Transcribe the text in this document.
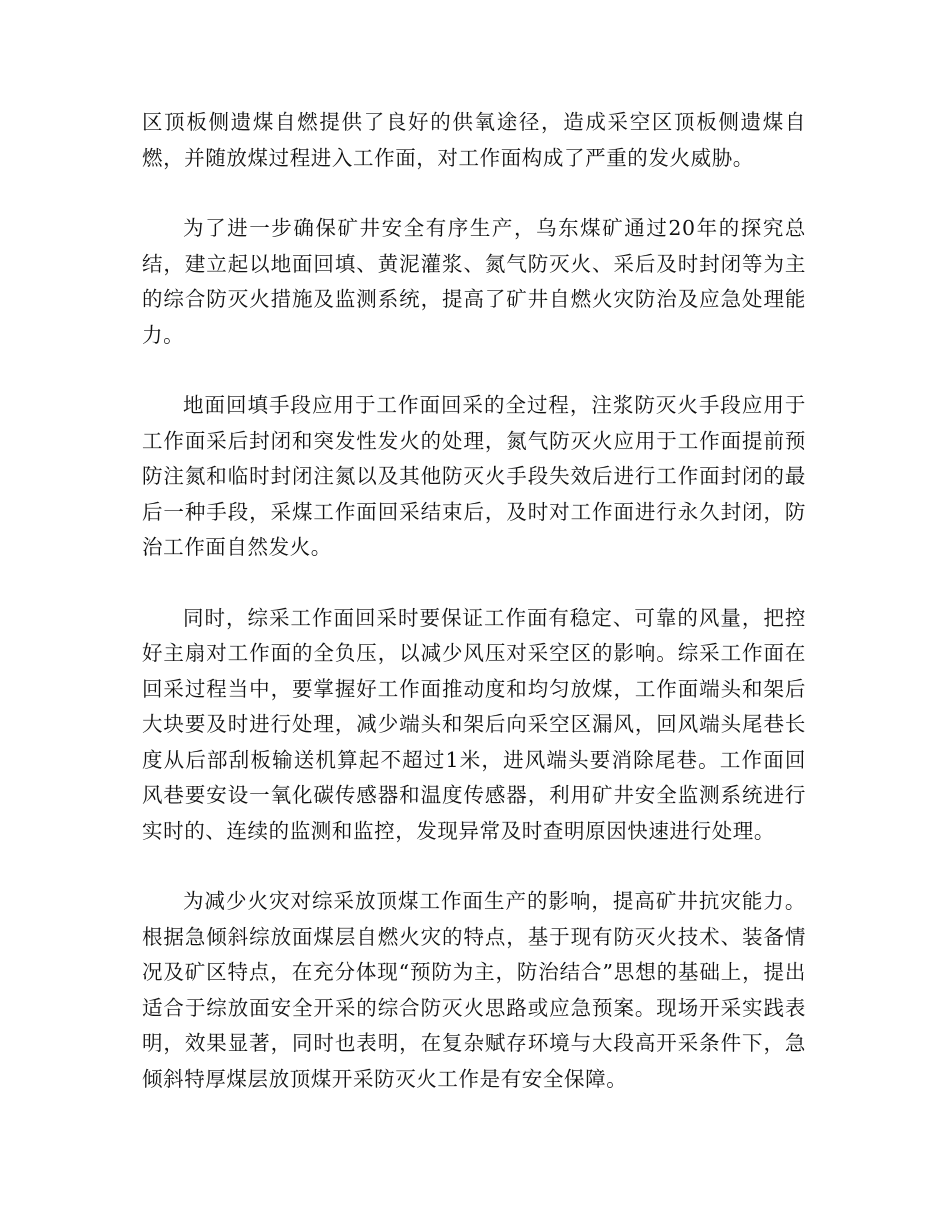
区顶板侧遗煤自燃提供了良好的供氧途径，造成采空区顶板侧遗煤自燃，并随放煤过程进入工作面，对工作面构成了严重的发火威胁。

为了进一步确保矿井安全有序生产，乌东煤矿通过20年的探究总结，建立起以地面回填、黄泥灌浆、氮气防灭火、采后及时封闭等为主的综合防灭火措施及监测系统，提高了矿井自燃火灾防治及应急处理能力。

地面回填手段应用于工作面回采的全过程，注浆防灭火手段应用于工作面采后封闭和突发性发火的处理，氮气防灭火应用于工作面提前预防注氮和临时封闭注氮以及其他防灭火手段失效后进行工作面封闭的最后一种手段，采煤工作面回采结束后，及时对工作面进行永久封闭，防治工作面自然发火。

同时，综采工作面回采时要保证工作面有稳定、可靠的风量，把控好主扇对工作面的全负压，以减少风压对采空区的影响。综采工作面在回采过程当中，要掌握好工作面推动度和均匀放煤，工作面端头和架后大块要及时进行处理，减少端头和架后向采空区漏风，回风端头尾巷长度从后部刮板输送机算起不超过1米，进风端头要消除尾巷。工作面回风巷要安设一氧化碳传感器和温度传感器，利用矿井安全监测系统进行实时的、连续的监测和监控，发现异常及时查明原因快速进行处理。

为减少火灾对综采放顶煤工作面生产的影响，提高矿井抗灾能力。根据急倾斜综放面煤层自燃火灾的特点，基于现有防灭火技术、装备情况及矿区特点，在充分体现“预防为主，防治结合”思想的基础上，提出适合于综放面安全开采的综合防灭火思路或应急预案。现场开采实践表明，效果显著，同时也表明，在复杂赋存环境与大段高开采条件下，急倾斜特厚煤层放顶煤开采防灭火工作是有安全保障。
